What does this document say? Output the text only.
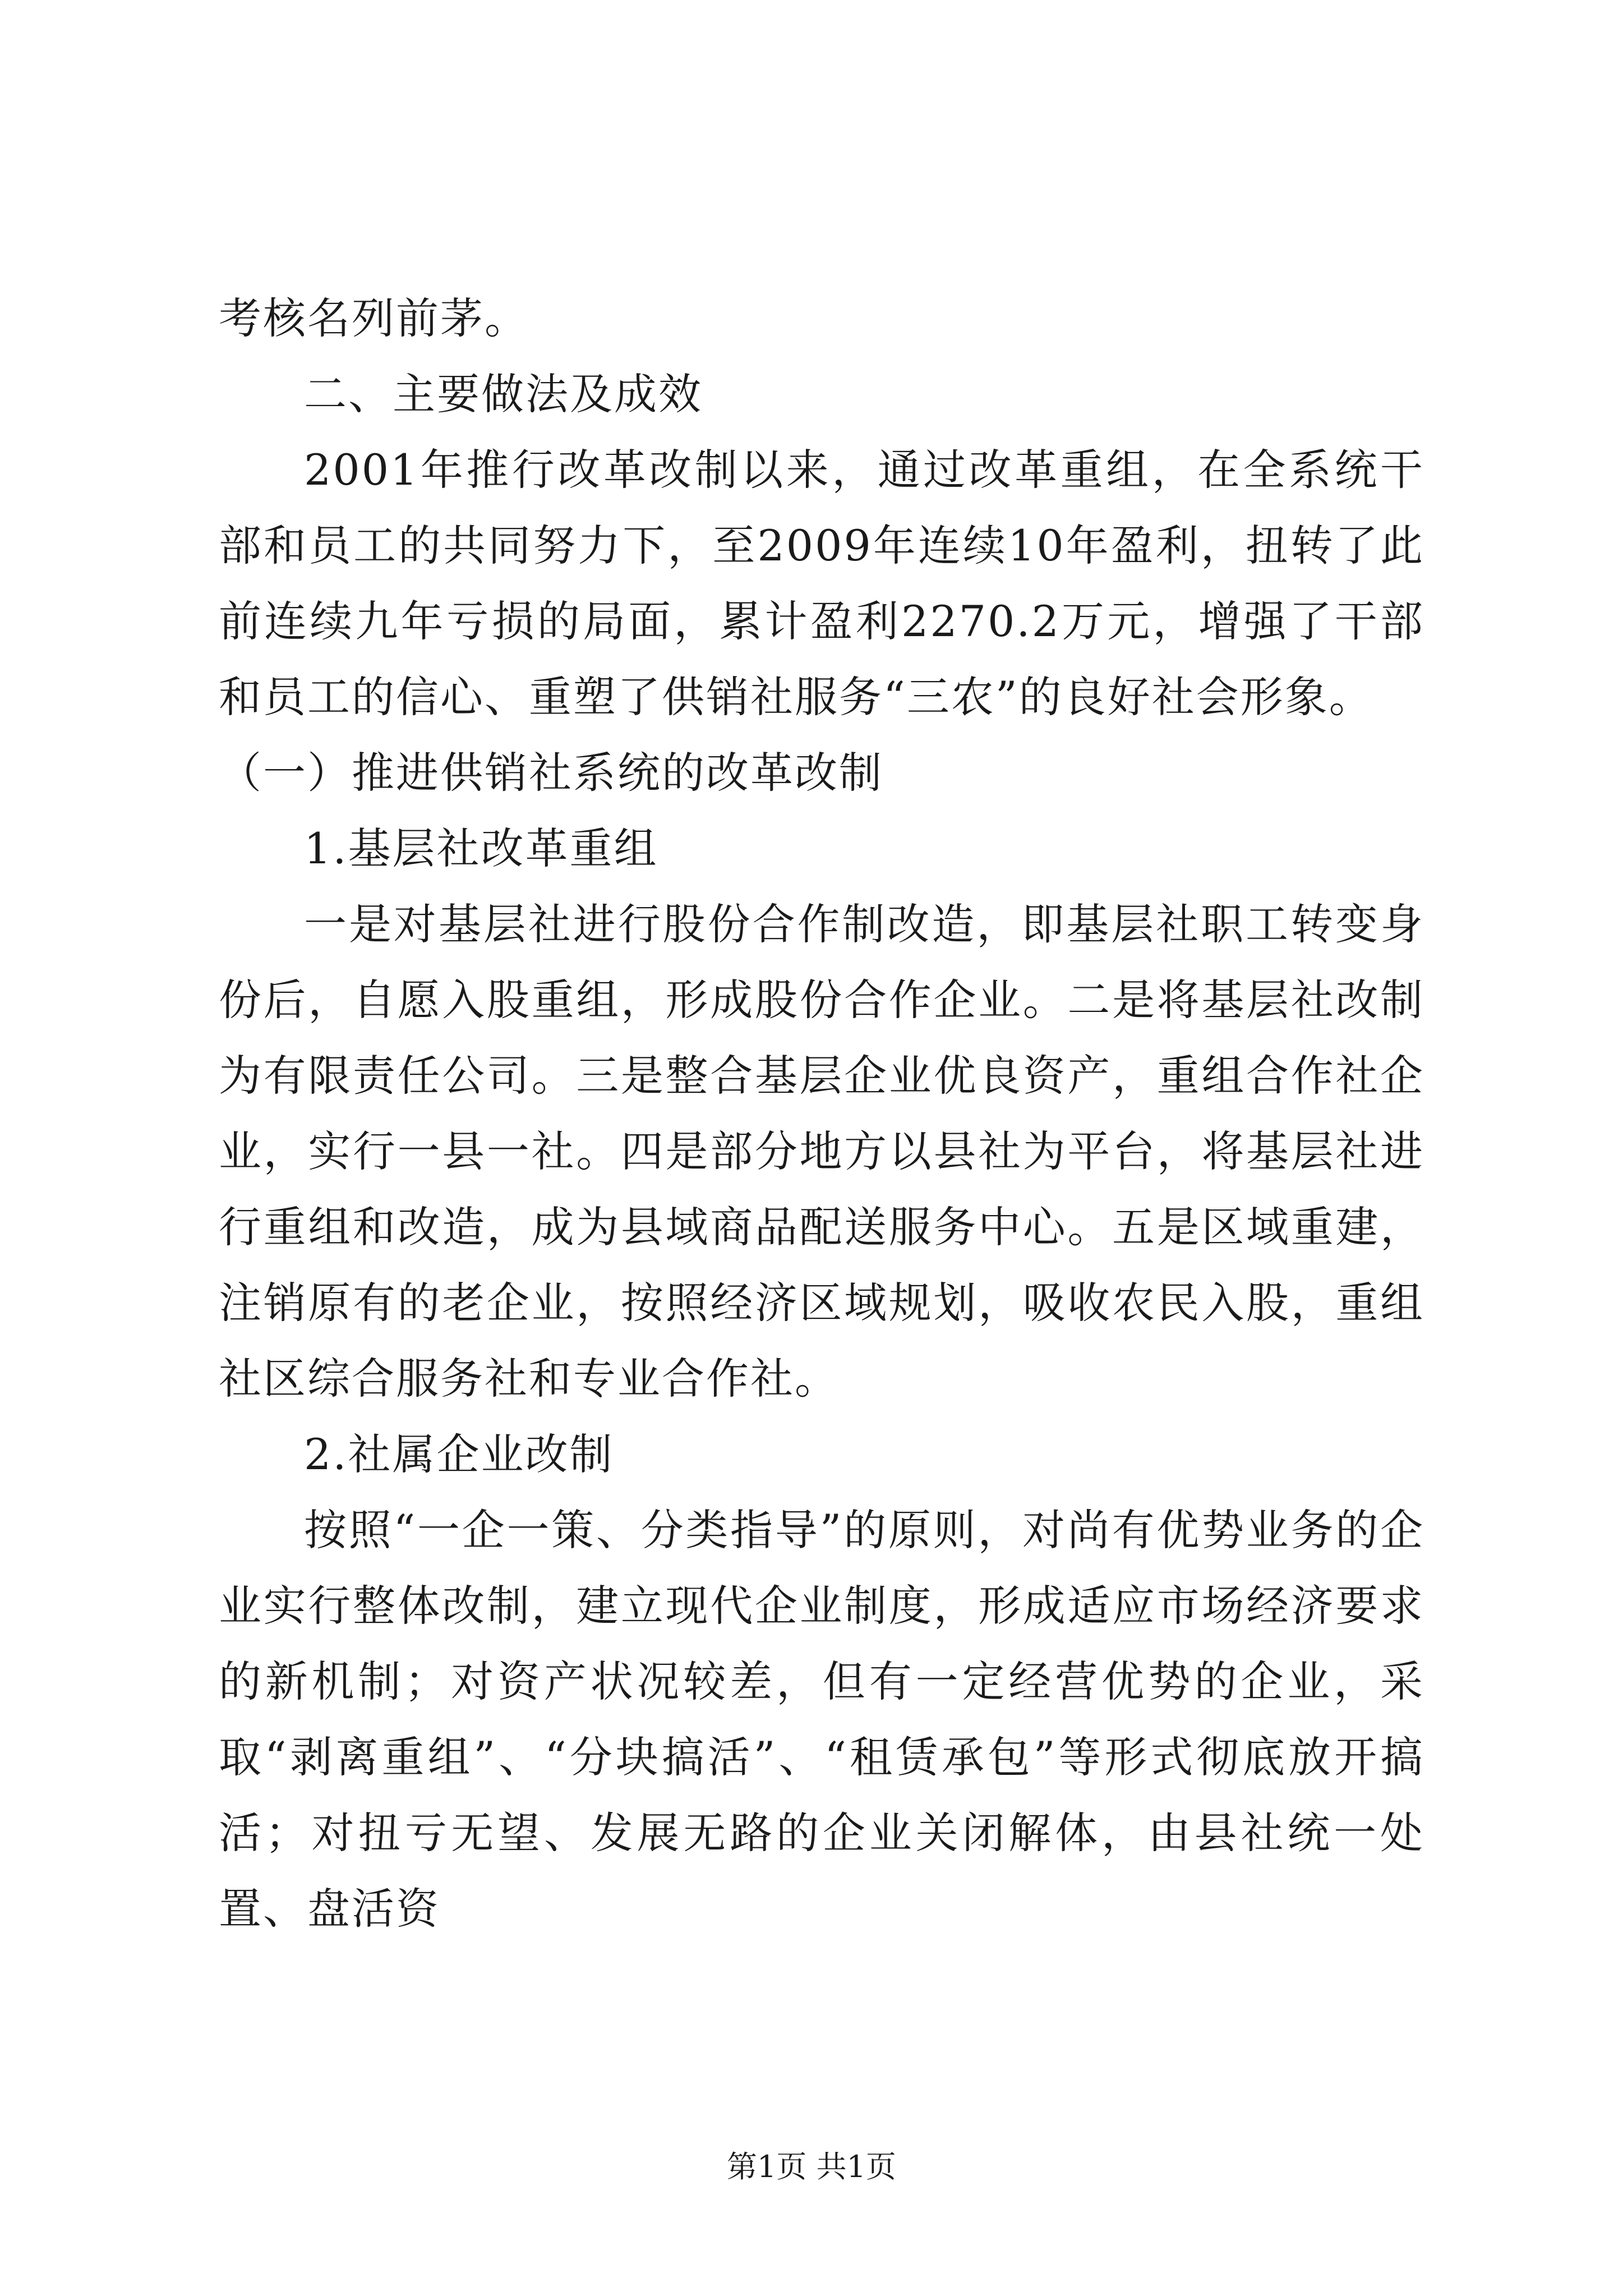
考核名列前茅。

二、主要做法及成效

2001年推行改革改制以来，通过改革重组，在全系统干部和员工的共同努力下，至2009年连续10年盈利，扭转了此前连续九年亏损的局面，累计盈利2270.2万元，增强了干部和员工的信心、重塑了供销社服务“三农”的良好社会形象。

（一）推进供销社系统的改革改制

1.基层社改革重组

一是对基层社进行股份合作制改造，即基层社职工转变身份后，自愿入股重组，形成股份合作企业。二是将基层社改制为有限责任公司。三是整合基层企业优良资产，重组合作社企业，实行一县一社。四是部分地方以县社为平台，将基层社进行重组和改造，成为县域商品配送服务中心。五是区域重建，注销原有的老企业，按照经济区域规划，吸收农民入股，重组社区综合服务社和专业合作社。

2.社属企业改制

按照“一企一策、分类指导”的原则，对尚有优势业务的企业实行整体改制，建立现代企业制度，形成适应市场经济要求的新机制；对资产状况较差，但有一定经营优势的企业，采取“剥离重组”、“分块搞活”、“租赁承包”等形式彻底放开搞活；对扭亏无望、发展无路的企业关闭解体，由县社统一处置、盘活资

第1页 共1页
